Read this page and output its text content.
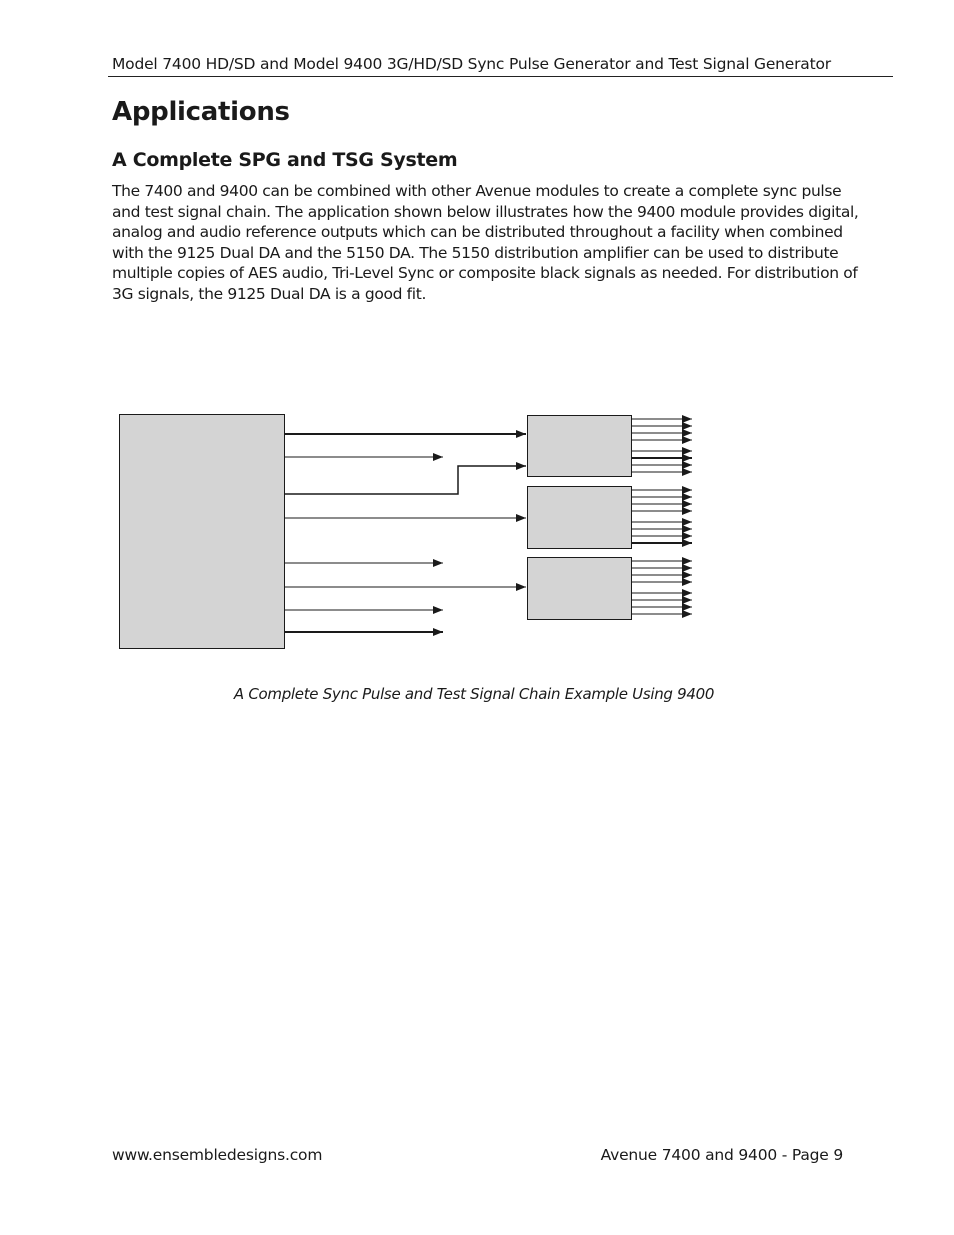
Model 7400 HD/SD and Model 9400 3G/HD/SD Sync Pulse Generator and Test Signal Generator
Applications
A Complete SPG and TSG System

The 7400 and 9400 can be combined with other Avenue modules to create a complete sync pulse
and test signal chain. The application shown below illustrates how the 9400 module provides digital,
analog and audio reference outputs which can be distributed throughout a facility when combined
with the 9125 Dual DA and the 5150 DA. The 5150 distribution amplifier can be used to distribute
multiple copies of AES audio, Tri-Level Sync or composite black signals as needed. For distribution of
3G signals, the 9125 Dual DA is a good fit.

A Complete Sync Pulse and Test Signal Chain Example Using 9400
www.ensembledesigns.com	Avenue 7400 and 9400 - Page 9
